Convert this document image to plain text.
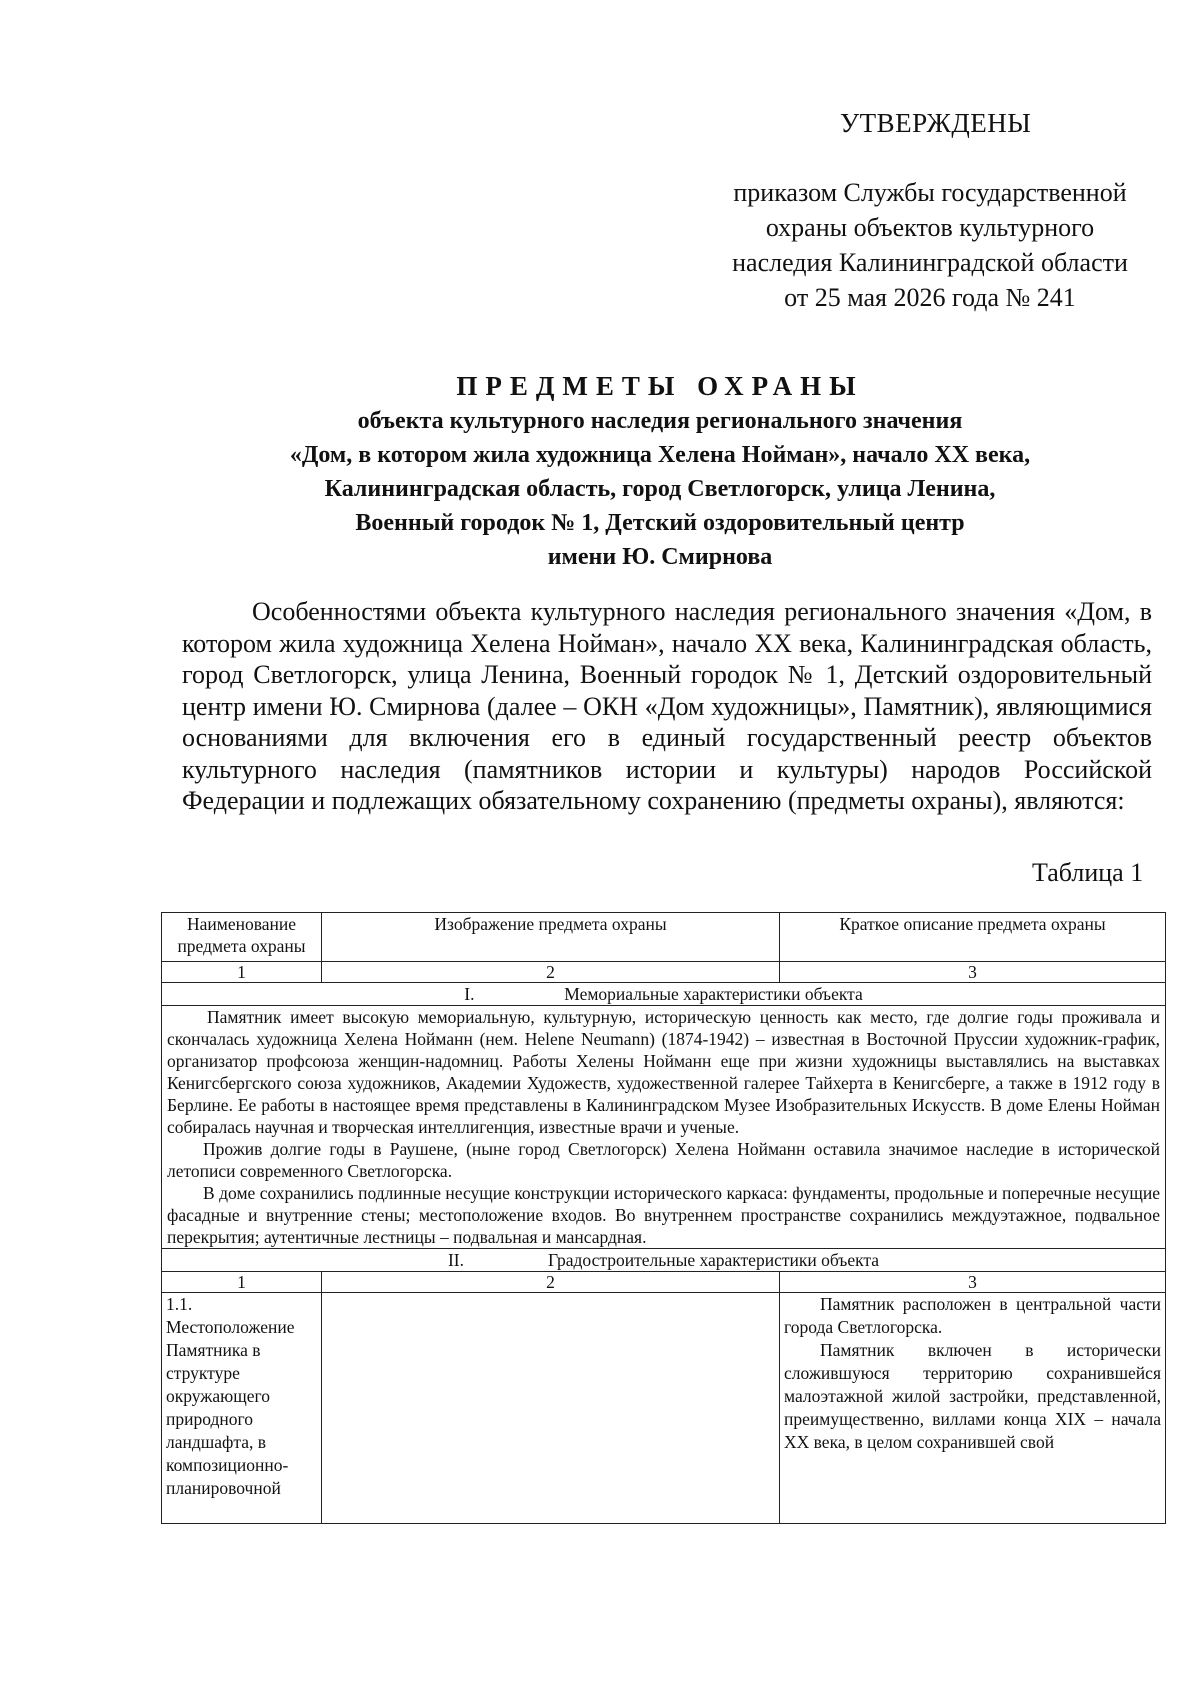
УТВЕРЖДЕНЫ
приказом Службы государственной
охраны объектов культурного
наследия Калининградской области
от 25 мая 2026 года № 241
ПРЕДМЕТЫ ОХРАНЫ
объекта культурного наследия регионального значения
«Дом, в котором жила художница Хелена Нойман», начало XX века,
Калининградская область, город Светлогорск, улица Ленина,
Военный городок № 1, Детский оздоровительный центр
имени Ю. Смирнова

Особенностями объекта культурного наследия регионального значения «Дом, в котором жила художница Хелена Нойман», начало XX века, Калининградская область, город Светлогорск, улица Ленина, Военный городок № 1, Детский оздоровительный центр имени Ю. Смирнова (далее – ОКН «Дом художницы», Памятник), являющимися основаниями для включения его в единый государственный реестр объектов культурного наследия (памятников истории и культуры) народов Российской Федерации и подлежащих обязательному сохранению (предметы охраны), являются:

Таблица 1
Наименование предмета охраны	Изображение предмета охраны	Краткое описание предмета охраны
1	2	3
I. Мемориальные характеристики объекта		

Памятник имеет высокую мемориальную, культурную, историческую ценность как место, где долгие годы проживала и скончалась художница Хелена Нойманн (нем. Helene Neumann) (1874-1942) – известная в Восточной Пруссии художник-график, организатор профсоюза женщин-надомниц. Работы Хелены Нойманн еще при жизни художницы выставлялись на выставках Кенигсбергского союза художников, Академии Художеств, художественной галерее Тайхерта в Кенигсберге, а также в 1912 году в Берлине. Ее работы в настоящее время представлены в Калининградском Музее Изобразительных Искусств. В доме Елены Нойман собиралась научная и творческая интеллигенция, известные врачи и ученые.

Прожив долгие годы в Раушене, (ныне город Светлогорск) Хелена Нойманн оставила значимое наследие в исторической летописи современного Светлогорска.

В доме сохранились подлинные несущие конструкции исторического каркаса: фундаменты, продольные и поперечные несущие фасадные и внутренние стены; местоположение входов. Во внутреннем пространстве сохранились междуэтажное, подвальное перекрытия; аутентичные лестницы – подвальная и мансардная.		

II. Градостроительные характеристики объекта		
1	2	3
1.1. Местоположение Памятника в структуре окружающего природного ландшафта, в композиционно-планировочной		Памятник расположен в центральной части города Светлогорска.

Памятник включен в исторически сложившуюся территорию сохранившейся малоэтажной жилой застройки, представленной, преимущественно, виллами конца XIX – начала XX века, в целом сохранившей свой
